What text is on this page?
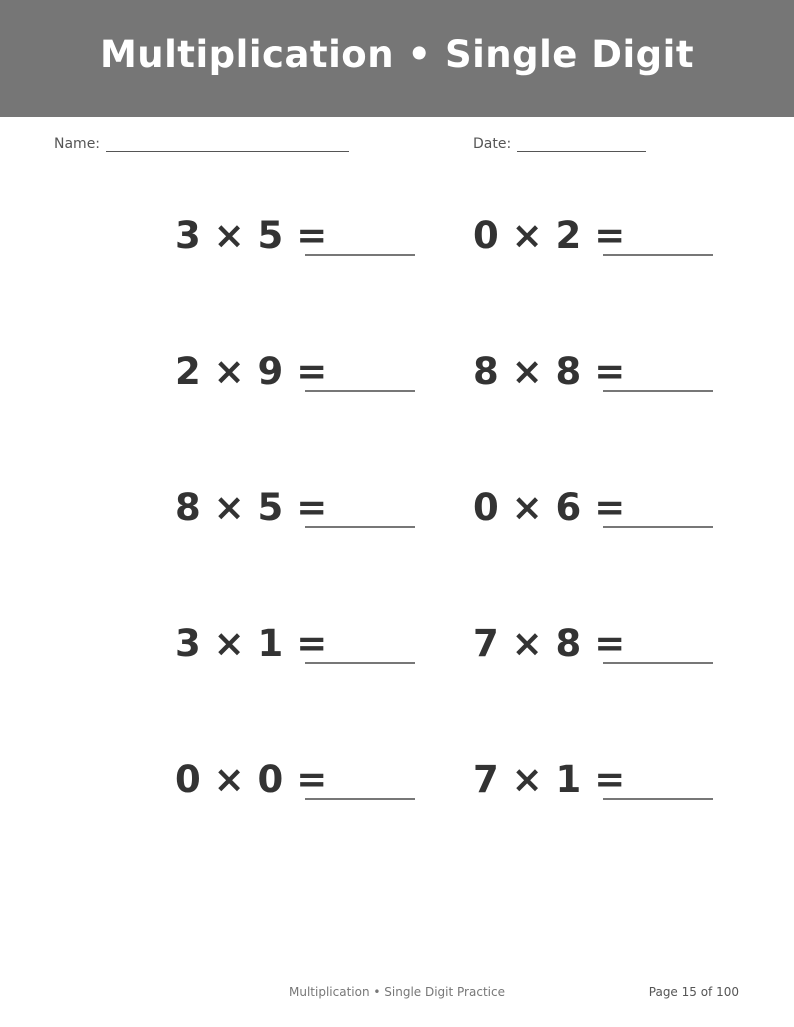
Multiplication • Single Digit
Name:	Date:
3 × 5 =	0 × 2 =
2 × 9 =	8 × 8 =
8 × 5 =	0 × 6 =
3 × 1 =	7 × 8 =
0 × 0 =	7 × 1 =
Multiplication • Single Digit Practice	Page 15 of 100
